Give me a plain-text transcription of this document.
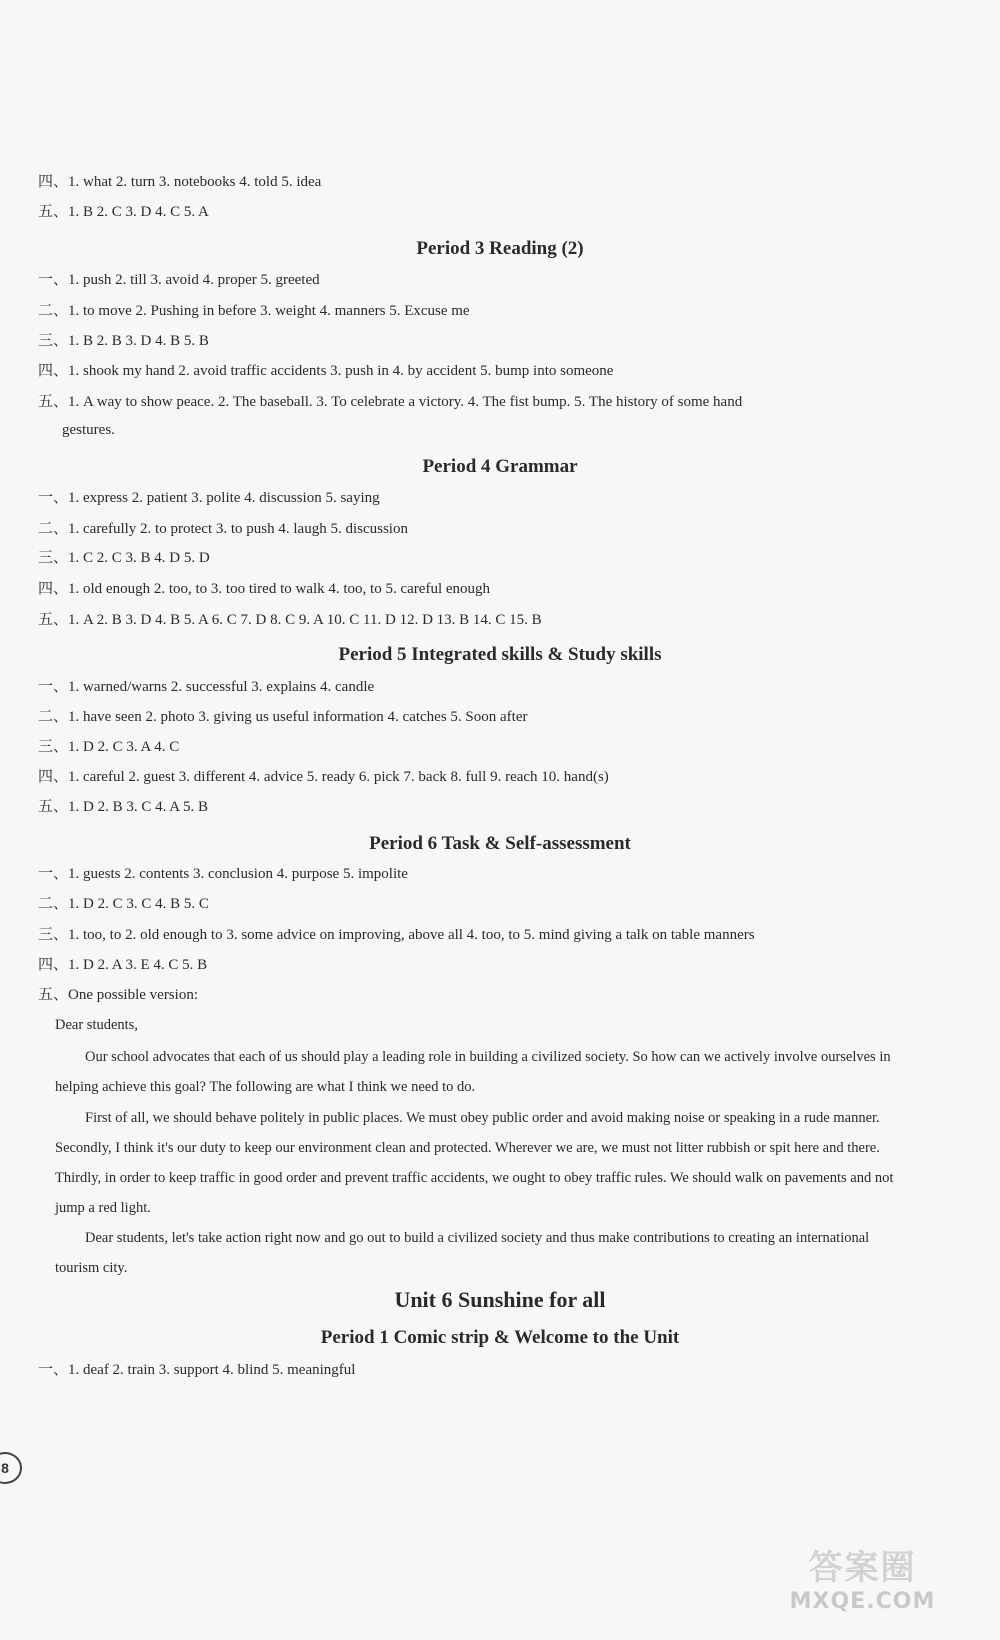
四、1. what 2. turn 3. notebooks 4. told 5. idea
五、1. B 2. C 3. D 4. C 5. A
Period 3 Reading (2)
一、1. push 2. till 3. avoid 4. proper 5. greeted
二、1. to move 2. Pushing in before 3. weight 4. manners 5. Excuse me
三、1. B 2. B 3. D 4. B 5. B
四、1. shook my hand 2. avoid traffic accidents 3. push in 4. by accident 5. bump into someone
五、1. A way to show peace. 2. The baseball. 3. To celebrate a victory. 4. The fist bump. 5. The history of some hand
gestures.
Period 4 Grammar
一、1. express 2. patient 3. polite 4. discussion 5. saying
二、1. carefully 2. to protect 3. to push 4. laugh 5. discussion
三、1. C 2. C 3. B 4. D 5. D
四、1. old enough 2. too, to 3. too tired to walk 4. too, to 5. careful enough
五、1. A 2. B 3. D 4. B 5. A 6. C 7. D 8. C 9. A 10. C 11. D 12. D 13. B 14. C 15. B
Period 5 Integrated skills & Study skills
一、1. warned/warns 2. successful 3. explains 4. candle
二、1. have seen 2. photo 3. giving us useful information 4. catches 5. Soon after
三、1. D 2. C 3. A 4. C
四、1. careful 2. guest 3. different 4. advice 5. ready 6. pick 7. back 8. full 9. reach 10. hand(s)
五、1. D 2. B 3. C 4. A 5. B
Period 6 Task & Self-assessment
一、1. guests 2. contents 3. conclusion 4. purpose 5. impolite
二、1. D 2. C 3. C 4. B 5. C
三、1. too, to 2. old enough to 3. some advice on improving, above all 4. too, to 5. mind giving a talk on table manners
四、1. D 2. A 3. E 4. C 5. B
五、One possible version:
Dear students,
Our school advocates that each of us should play a leading role in building a civilized society. So how can we actively involve ourselves in helping achieve this goal? The following are what I think we need to do.
First of all, we should behave politely in public places. We must obey public order and avoid making noise or speaking in a rude manner. Secondly, I think it's our duty to keep our environment clean and protected. Wherever we are, we must not litter rubbish or spit here and there. Thirdly, in order to keep traffic in good order and prevent traffic accidents, we ought to obey traffic rules. We should walk on pavements and not jump a red light.
Dear students, let's take action right now and go out to build a civilized society and thus make contributions to creating an international tourism city.
Unit 6 Sunshine for all
Period 1 Comic strip & Welcome to the Unit
一、1. deaf 2. train 3. support 4. blind 5. meaningful
8
答案圈
MXQE.COM
